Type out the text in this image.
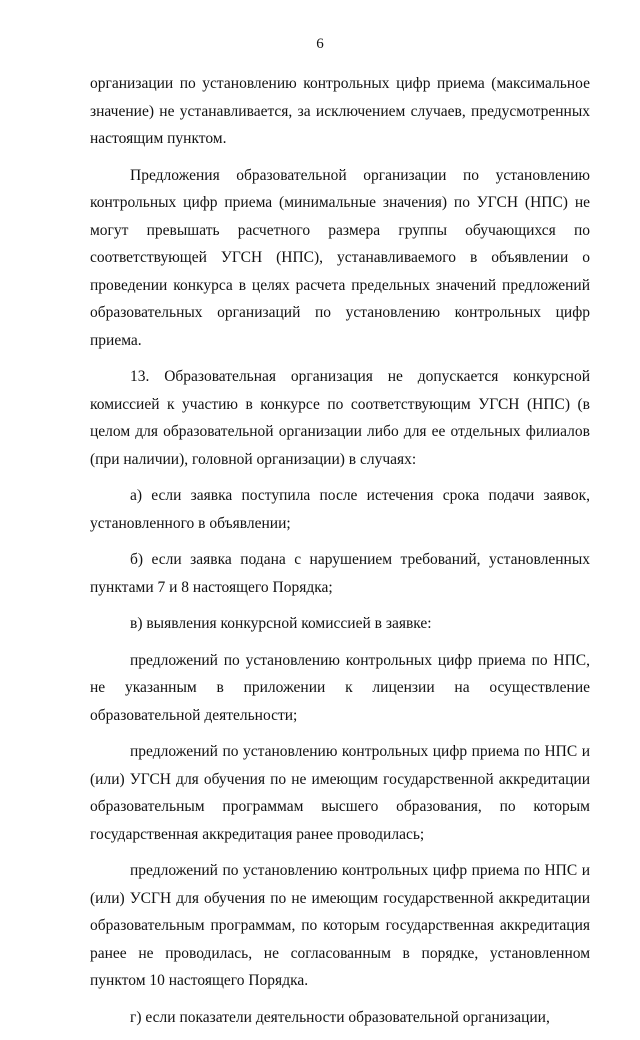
6

организации по установлению контрольных цифр приема (максимальное значение) не устанавливается, за исключением случаев, предусмотренных настоящим пунктом.

Предложения образовательной организации по установлению контрольных цифр приема (минимальные значения) по УГСН (НПС) не могут превышать расчетного размера группы обучающихся по соответствующей УГСН (НПС), устанавливаемого в объявлении о проведении конкурса в целях расчета предельных значений предложений образовательных организаций по установлению контрольных цифр приема.

13. Образовательная организация не допускается конкурсной комиссией к участию в конкурсе по соответствующим УГСН (НПС) (в целом для образовательной организации либо для ее отдельных филиалов (при наличии), головной организации) в случаях:

а) если заявка поступила после истечения срока подачи заявок, установленного в объявлении;

б) если заявка подана с нарушением требований, установленных пунктами 7 и 8 настоящего Порядка;

в) выявления конкурсной комиссией в заявке:

предложений по установлению контрольных цифр приема по НПС, не указанным в приложении к лицензии на осуществление образовательной деятельности;

предложений по установлению контрольных цифр приема по НПС и (или) УГСН для обучения по не имеющим государственной аккредитации образовательным программам высшего образования, по которым государственная аккредитация ранее проводилась;

предложений по установлению контрольных цифр приема по НПС и (или) УСГН для обучения по не имеющим государственной аккредитации образовательным программам, по которым государственная аккредитация ранее не проводилась, не согласованным в порядке, установленном пунктом 10 настоящего Порядка.

г) если показатели деятельности образовательной организации,
